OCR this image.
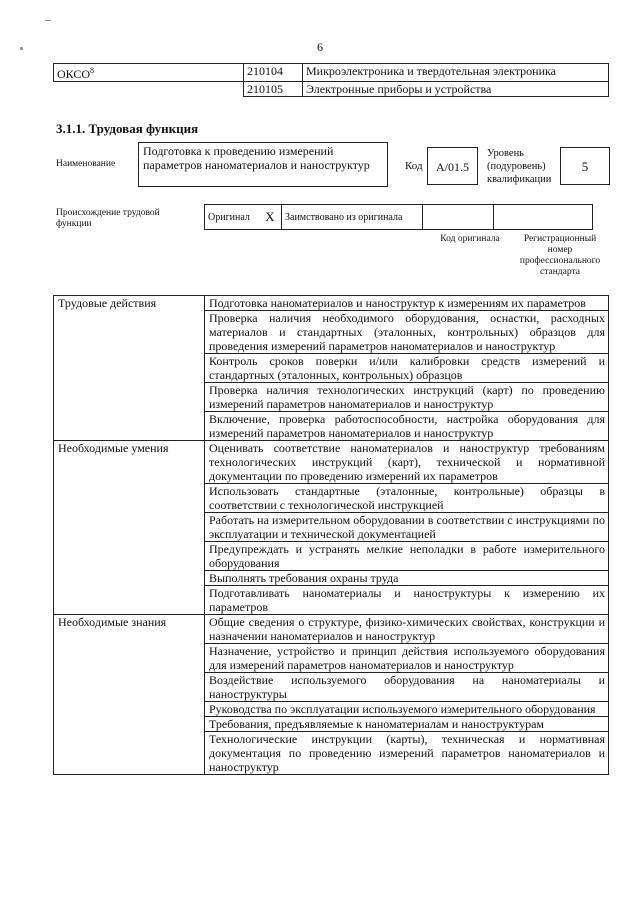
6
ОКСО$^8$	210104	Микроэлектроника и твердотельная электроника
	210105	Электронные приборы и устройства
3.1.1. Трудовая функция
Наименование
Подготовка к проведению измерений параметров наноматериалов и наноструктур	Код	A/01.5
Уровень (подуровень) квалификации
5
Происхождение трудовой функции
Оригинал	X	Заимствовано из оригинала		
Код оригинала	Регистрационный номер профессионального стандарта
Трудовые действия	Подготовка наноматериалов и наноструктур к измерениям их параметров
	Проверка наличия необходимого оборудования, оснастки, расходных материалов и стандартных (эталонных, контрольных) образцов для проведения измерений параметров наноматериалов и наноструктур
	Контроль сроков поверки и/или калибровки средств измерений и стандартных (эталонных, контрольных) образцов
	Проверка наличия технологических инструкций (карт) по проведению измерений параметров наноматериалов и наноструктур
	Включение, проверка работоспособности, настройка оборудования для измерений параметров наноматериалов и наноструктур
Необходимые умения	Оценивать соответствие наноматериалов и наноструктур требованиям технологических инструкций (карт), технической и нормативной документации по проведению измерений их параметров
	Использовать стандартные (эталонные, контрольные) образцы в соответствии с технологической инструкцией
	Работать на измерительном оборудовании в соответствии с инструкциями по эксплуатации и технической документацией
	Предупреждать и устранять мелкие неполадки в работе измерительного оборудования
	Выполнять требования охраны труда
	Подготавливать наноматериалы и наноструктуры к измерению их параметров
Необходимые знания	Общие сведения о структуре, физико-химических свойствах, конструкции и назначении наноматериалов и наноструктур
	Назначение, устройство и принцип действия используемого оборудования для измерений параметров наноматериалов и наноструктур
	Воздействие используемого оборудования на наноматериалы и наноструктуры
	Руководства по эксплуатации используемого измерительного оборудования
	Требования, предъявляемые к наноматериалам и наноструктурам
	Технологические инструкции (карты), техническая и нормативная документация по проведению измерений параметров наноматериалов и наноструктур
